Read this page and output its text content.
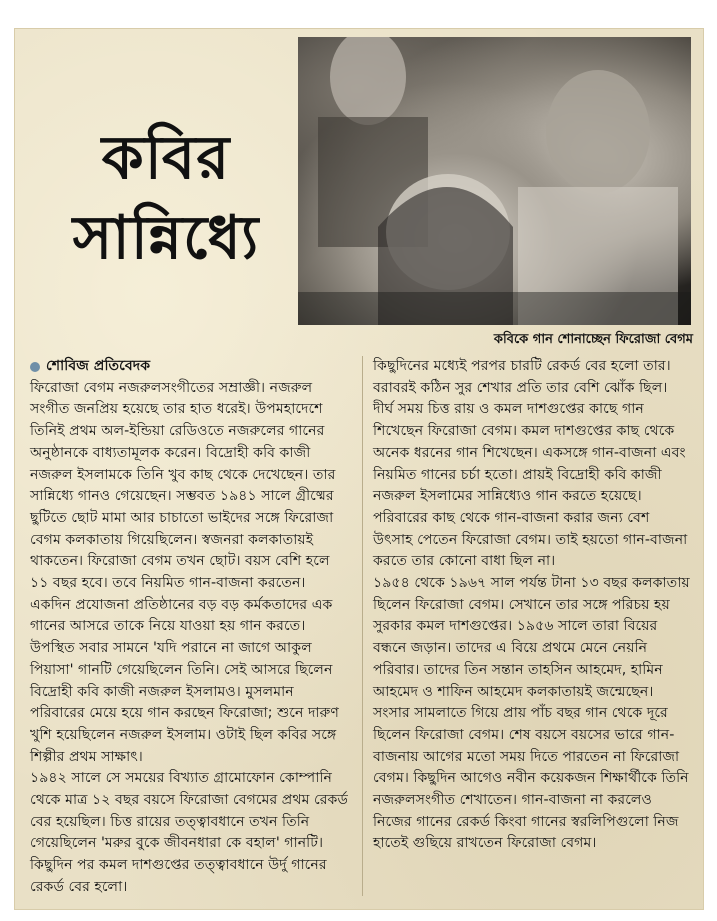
কবির
সান্নিধ্যে
কবিকে গান শোনাচ্ছেন ফিরোজা বেগম

শোবিজ প্রতিবেদক

ফিরোজা বেগম নজরুলসংগীতের সম্রাজ্ঞী। নজরুল সংগীত জনপ্রিয় হয়েছে তার হাত ধরেই। উপমহাদেশে তিনিই প্রথম অল-ইন্ডিয়া রেডিওতে নজরুলের গানের অনুষ্ঠানকে বাধ্যতামূলক করেন। বিদ্রোহী কবি কাজী নজরুল ইসলামকে তিনি খুব কাছ থেকে দেখেছেন। তার সান্নিধ্যে গানও গেয়েছেন। সম্ভবত ১৯৪১ সালে গ্রীষ্মের ছুটিতে ছোট মামা আর চাচাতো ভাইদের সঙ্গে ফিরোজা বেগম কলকাতায় গিয়েছিলেন। স্বজনরা কলকাতায়ই থাকতেন। ফিরোজা বেগম তখন ছোট। বয়স বেশি হলে ১১ বছর হবে। তবে নিয়মিত গান-বাজনা করতেন। একদিন প্রযোজনা প্রতিষ্ঠানের বড় বড় কর্মকতাদের এক গানের আসরে তাকে নিয়ে যাওয়া হয় গান করতে। উপস্থিত সবার সামনে 'যদি পরানে না জাগে আকুল পিয়াসা' গানটি গেয়েছিলেন তিনি। সেই আসরে ছিলেন বিদ্রোহী কবি কাজী নজরুল ইসলামও। মুসলমান পরিবারের মেয়ে হয়ে গান করছেন ফিরোজা; শুনে দারুণ খুশি হয়েছিলেন নজরুল ইসলাম। ওটাই ছিল কবির সঙ্গে শিল্পীর প্রথম সাক্ষাৎ।

১৯৪২ সালে সে সময়ের বিখ্যাত গ্রামোফোন কোম্পানি থেকে মাত্র ১২ বছর বয়সে ফিরোজা বেগমের প্রথম রেকর্ড বের হয়েছিল। চিত্ত রায়ের তত্ত্বাবধানে তখন তিনি গেয়েছিলেন 'মরুর বুকে জীবনধারা কে বহাল' গানটি। কিছুদিন পর কমল দাশগুপ্তের তত্ত্বাবধানে উর্দু গানের রেকর্ড বের হলো।

কিছুদিনের মধ্যেই পরপর চারটি রেকর্ড বের হলো তার। বরাবরই কঠিন সুর শেখার প্রতি তার বেশি ঝোঁক ছিল।

দীর্ঘ সময় চিত্ত রায় ও কমল দাশগুপ্তের কাছে গান শিখেছেন ফিরোজা বেগম। কমল দাশগুপ্তের কাছ থেকে অনেক ধরনের গান শিখেছেন। একসঙ্গে গান-বাজনা এবং নিয়মিত গানের চর্চা হতো। প্রায়ই বিদ্রোহী কবি কাজী নজরুল ইসলামের সান্নিধ্যেও গান করতে হয়েছে। পরিবারের কাছ থেকে গান-বাজনা করার জন্য বেশ উৎসাহ পেতেন ফিরোজা বেগম। তাই হয়তো গান-বাজনা করতে তার কোনো বাধা ছিল না।

১৯৫৪ থেকে ১৯৬৭ সাল পর্যন্ত টানা ১৩ বছর কলকাতায় ছিলেন ফিরোজা বেগম। সেখানে তার সঙ্গে পরিচয় হয় সুরকার কমল দাশগুপ্তের। ১৯৫৬ সালে তারা বিয়ের বন্ধনে জড়ান। তাদের এ বিয়ে প্রথমে মেনে নেয়নি পরিবার। তাদের তিন সন্তান তাহসিন আহমেদ, হামিন আহমেদ ও শাফিন আহমেদ কলকাতায়ই জন্মেছেন। সংসার সামলাতে গিয়ে প্রায় পাঁচ বছর গান থেকে দূরে ছিলেন ফিরোজা বেগম। শেষ বয়সে বয়সের ভারে গান-বাজনায় আগের মতো সময় দিতে পারতেন না ফিরোজা বেগম। কিছুদিন আগেও নবীন কয়েকজন শিক্ষার্থীকে তিনি নজরুলসংগীত শেখাতেন। গান-বাজনা না করলেও নিজের গানের রেকর্ড কিংবা গানের স্বরলিপিগুলো নিজ হাতেই গুছিয়ে রাখতেন ফিরোজা বেগম।
